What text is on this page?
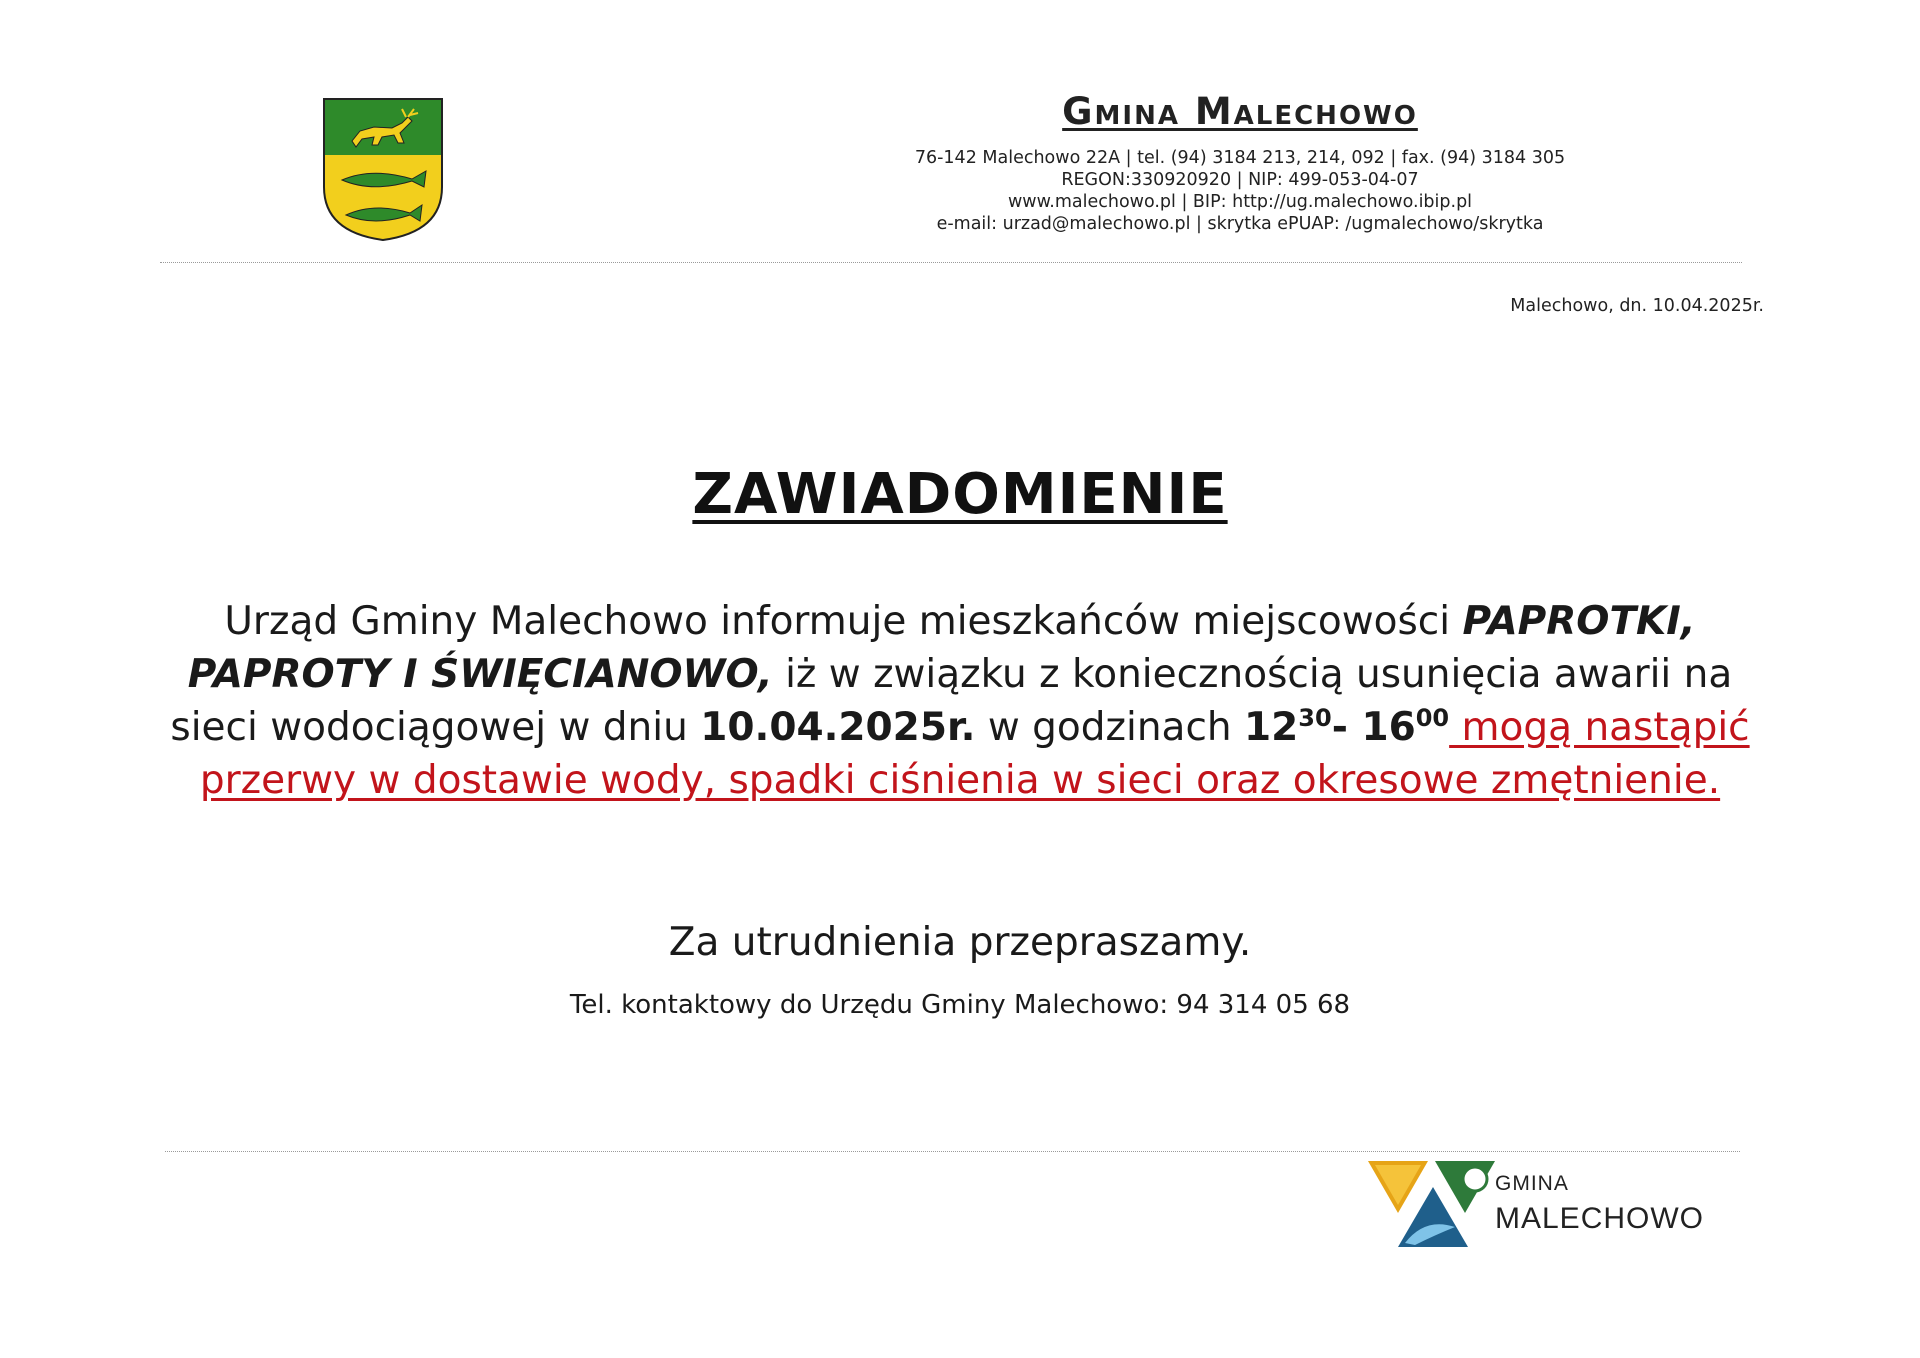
Gmina Malechowo
76-142 Malechowo 22A | tel. (94) 3184 213, 214, 092 | fax. (94) 3184 305
REGON:330920920 | NIP: 499-053-04-07
www.malechowo.pl | BIP: http://ug.malechowo.ibip.pl
e-mail: urzad@malechowo.pl | skrytka ePUAP: /ugmalechowo/skrytka
Malechowo, dn. 10.04.2025r.
ZAWIADOMIENIE
Urząd Gminy Malechowo informuje mieszkańców miejscowości PAPROTKI, PAPROTY I ŚWIĘCIANOWO, iż w związku z koniecznością usunięcia awarii na sieci wodociągowej w dniu 10.04.2025r. w godzinach $12^{30}-$ $16^{00}$ mogą nastąpić przerwy w dostawie wody, spadki ciśnienia w sieci oraz okresowe zmętnienie.
Za utrudnienia przepraszamy.
Tel. kontaktowy do Urzędu Gminy Malechowo: 94 314 05 68
GMINA
MALECHOWO
